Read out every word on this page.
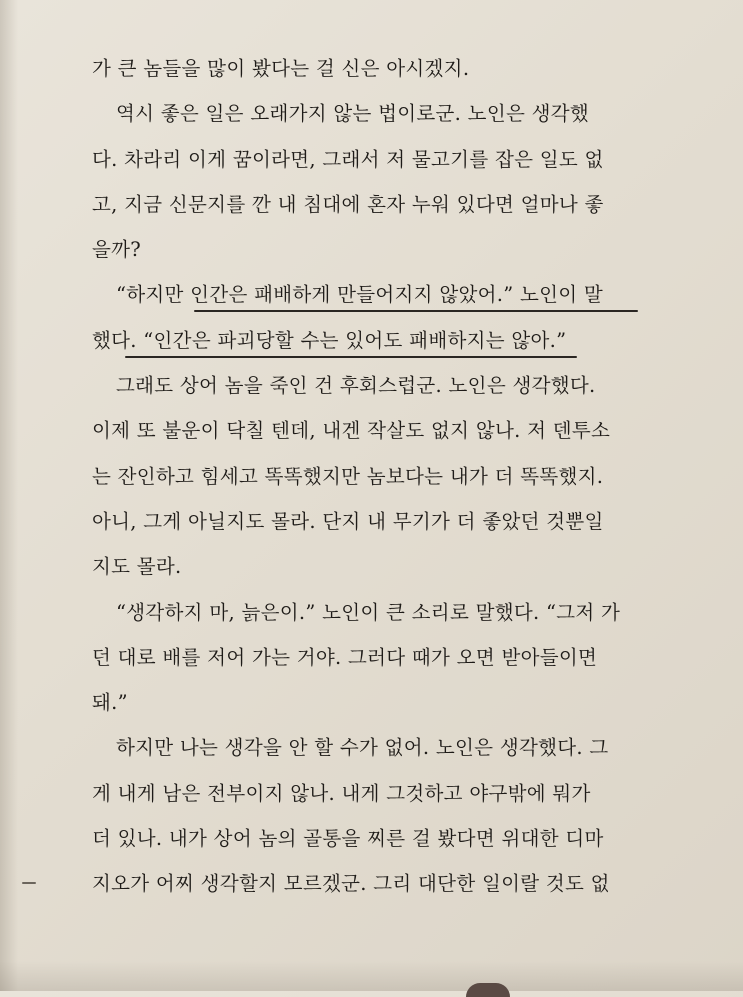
가 큰 놈들을 많이 봤다는 걸 신은 아시겠지.
역시 좋은 일은 오래가지 않는 법이로군. 노인은 생각했
다. 차라리 이게 꿈이라면, 그래서 저 물고기를 잡은 일도 없
고, 지금 신문지를 깐 내 침대에 혼자 누워 있다면 얼마나 좋
을까?
“하지만 인간은 패배하게 만들어지지 않았어.” 노인이 말
했다. “인간은 파괴당할 수는 있어도 패배하지는 않아.”
그래도 상어 놈을 죽인 건 후회스럽군. 노인은 생각했다.
이제 또 불운이 닥칠 텐데, 내겐 작살도 없지 않나. 저 덴투소
는 잔인하고 힘세고 똑똑했지만 놈보다는 내가 더 똑똑했지.
아니, 그게 아닐지도 몰라. 단지 내 무기가 더 좋았던 것뿐일
지도 몰라.
“생각하지 마, 늙은이.” 노인이 큰 소리로 말했다. “그저 가
던 대로 배를 저어 가는 거야. 그러다 때가 오면 받아들이면
돼.”
하지만 나는 생각을 안 할 수가 없어. 노인은 생각했다. 그
게 내게 남은 전부이지 않나. 내게 그것하고 야구밖에 뭐가
더 있나. 내가 상어 놈의 골통을 찌른 걸 봤다면 위대한 디마
지오가 어찌 생각할지 모르겠군. 그리 대단한 일이랄 것도 없
